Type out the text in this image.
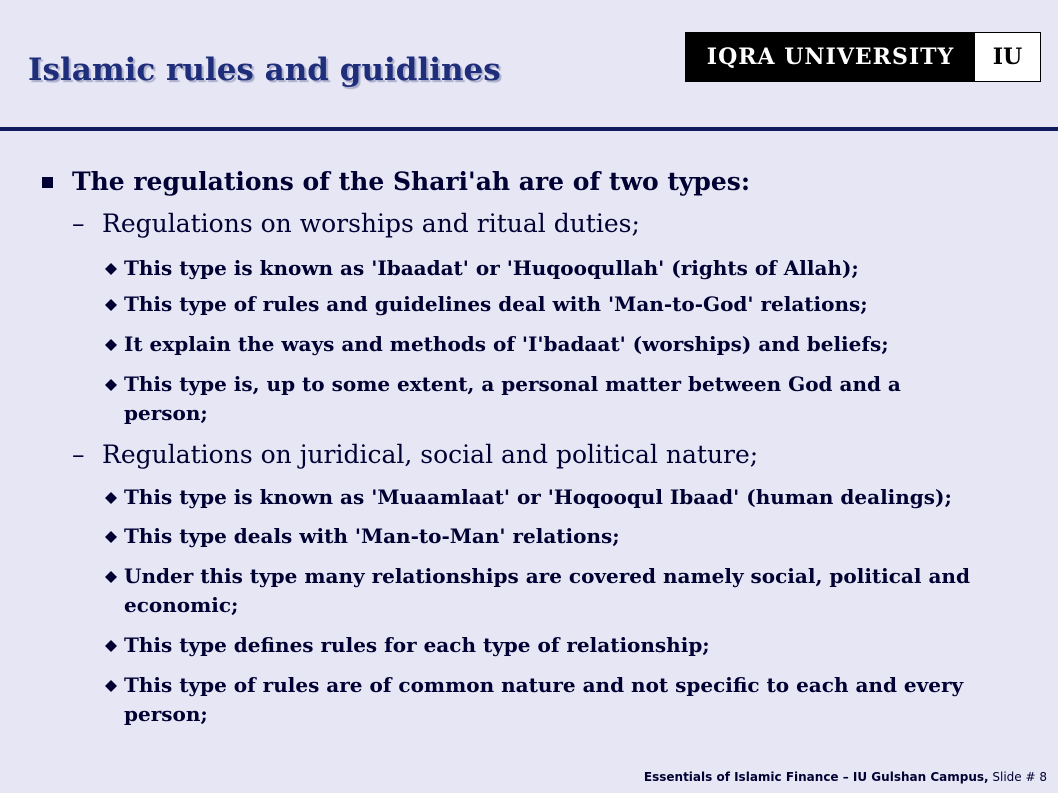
Islamic rules and guidlines	IQRA UNIVERSITY	IU
The regulations of the Shari'ah are of two types:
– Regulations on worships and ritual duties;
This type is known as 'Ibaadat' or 'Huqooqullah' (rights of Allah);
This type of rules and guidelines deal with 'Man-to-God' relations;
It explain the ways and methods of 'I'badaat' (worships) and beliefs;
This type is, up to some extent, a personal matter between God and a person;
– Regulations on juridical, social and political nature;
This type is known as 'Muaamlaat' or 'Hoqooqul Ibaad' (human dealings);
This type deals with 'Man-to-Man' relations;
Under this type many relationships are covered namely social, political and economic;
This type defines rules for each type of relationship;
This type of rules are of common nature and not specific to each and every person;
Essentials of Islamic Finance – IU Gulshan Campus, Slide # 8
